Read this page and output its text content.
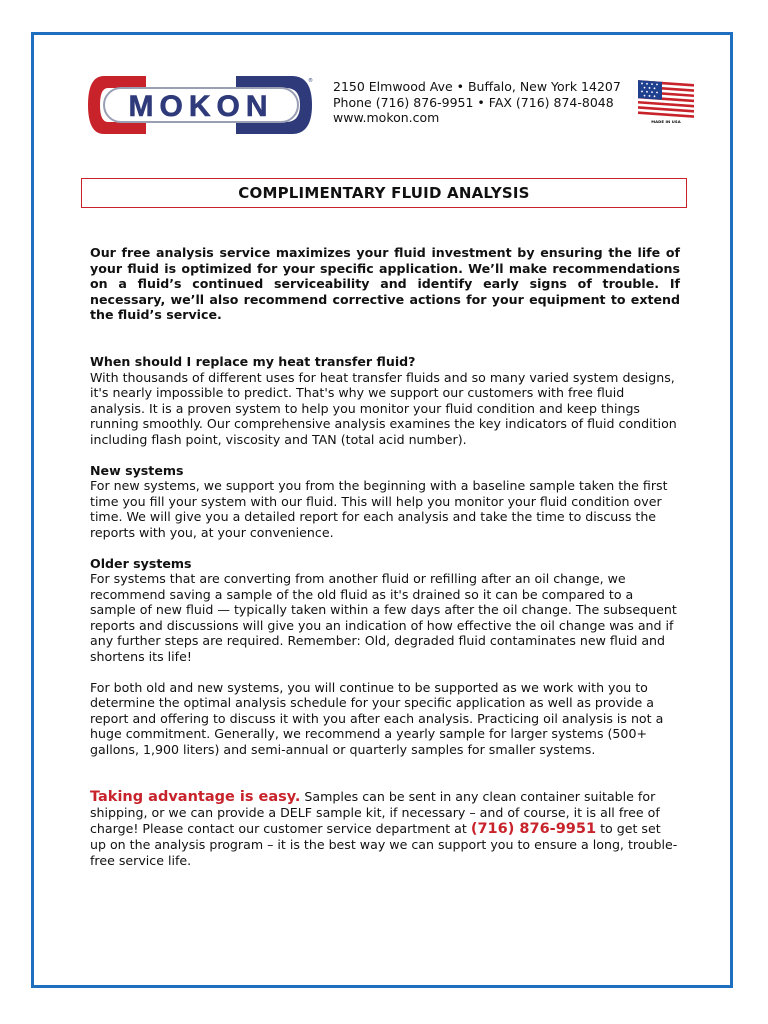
MOKON
® 2150 Elmwood Ave • Buffalo, New York 14207
Phone (716) 876-9951 • FAX (716) 874-8048
www.mokon.com	MADE IN USA
COMPLIMENTARY FLUID ANALYSIS

Our free analysis service maximizes your fluid investment by ensuring the life of your fluid is optimized for your specific application. We’ll make recommendations on a fluid’s continued serviceability and identify early signs of trouble. If necessary, we’ll also recommend corrective actions for your equipment to extend the fluid’s service.

When should I replace my heat transfer fluid?

With thousands of different uses for heat transfer fluids and so many varied system designs, it's nearly impossible to predict. That's why we support our customers with free fluid analysis. It is a proven system to help you monitor your fluid condition and keep things running smoothly. Our comprehensive analysis examines the key indicators of fluid condition including flash point, viscosity and TAN (total acid number).

New systems

For new systems, we support you from the beginning with a baseline sample taken the first time you fill your system with our fluid. This will help you monitor your fluid condition over time. We will give you a detailed report for each analysis and take the time to discuss the reports with you, at your convenience.

Older systems

For systems that are converting from another fluid or refilling after an oil change, we recommend saving a sample of the old fluid as it's drained so it can be compared to a sample of new fluid — typically taken within a few days after the oil change. The subsequent reports and discussions will give you an indication of how effective the oil change was and if any further steps are required. Remember: Old, degraded fluid contaminates new fluid and shortens its life!

For both old and new systems, you will continue to be supported as we work with you to determine the optimal analysis schedule for your specific application as well as provide a report and offering to discuss it with you after each analysis. Practicing oil analysis is not a huge commitment. Generally, we recommend a yearly sample for larger systems (500+ gallons, 1,900 liters) and semi-annual or quarterly samples for smaller systems.

Taking advantage is easy. Samples can be sent in any clean container suitable for shipping, or we can provide a DELF sample kit, if necessary – and of course, it is all free of charge! Please contact our customer service department at (716) 876-9951 to get set up on the analysis program – it is the best way we can support you to ensure a long, trouble-free service life.
